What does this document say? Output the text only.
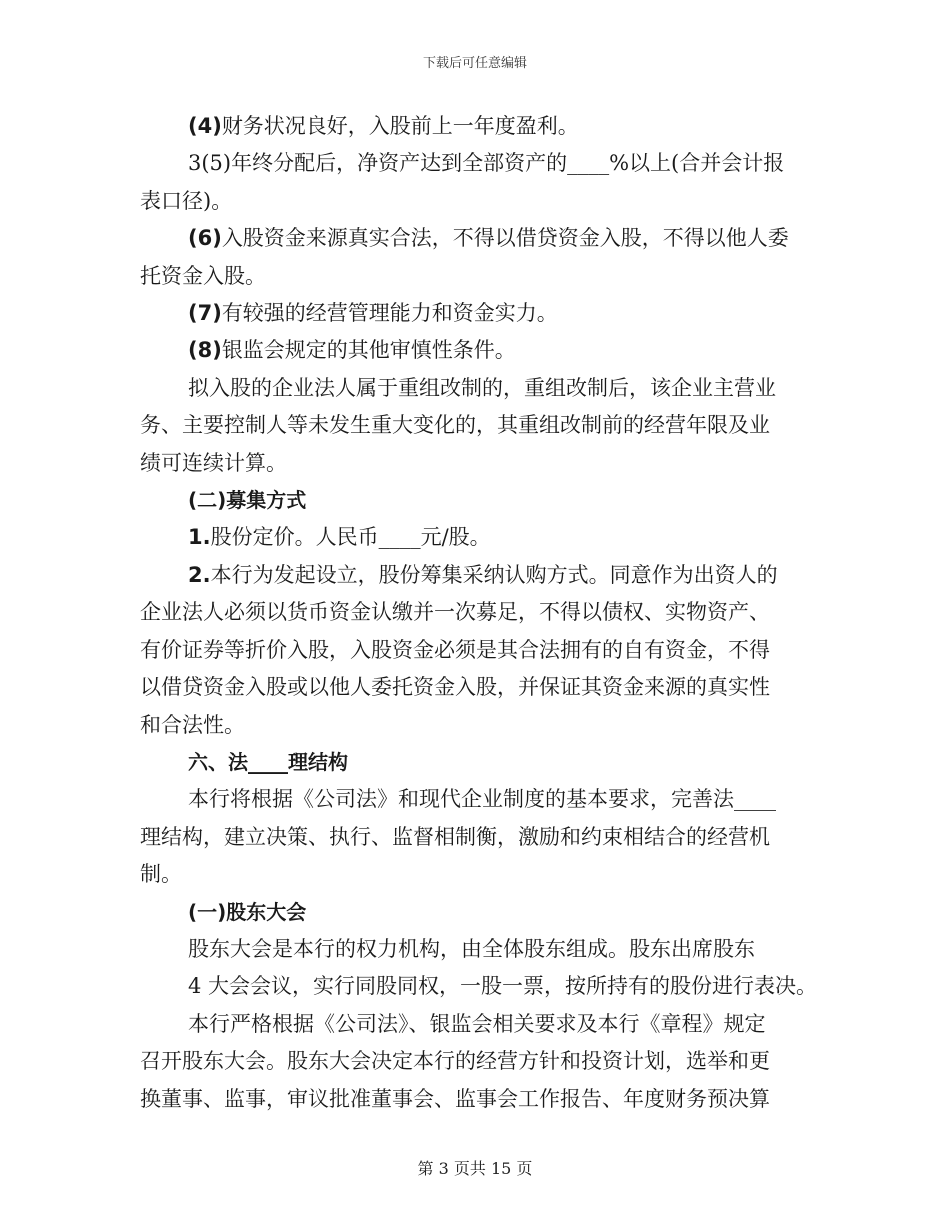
下载后可任意编辑
(4)财务状况良好，入股前上一年度盈利。
3(5)年终分配后，净资产达到全部资产的____%以上(合并会计报
表口径)。
(6)入股资金来源真实合法，不得以借贷资金入股，不得以他人委
托资金入股。
(7)有较强的经营管理能力和资金实力。
(8)银监会规定的其他审慎性条件。
拟入股的企业法人属于重组改制的，重组改制后，该企业主营业
务、主要控制人等未发生重大变化的，其重组改制前的经营年限及业
绩可连续计算。
(二)募集方式
1.股份定价。人民币____元/股。
2.本行为发起设立，股份筹集采纳认购方式。同意作为出资人的
企业法人必须以货币资金认缴并一次募足，不得以债权、实物资产、
有价证券等折价入股，入股资金必须是其合法拥有的自有资金，不得
以借贷资金入股或以他人委托资金入股，并保证其资金来源的真实性
和合法性。
六、法____理结构
本行将根据《公司法》和现代企业制度的基本要求，完善法____
理结构，建立决策、执行、监督相制衡，激励和约束相结合的经营机
制。
(一)股东大会
股东大会是本行的权力机构，由全体股东组成。股东出席股东
4 大会会议，实行同股同权，一股一票，按所持有的股份进行表决。
本行严格根据《公司法》、银监会相关要求及本行《章程》规定
召开股东大会。股东大会决定本行的经营方针和投资计划，选举和更
换董事、监事，审议批准董事会、监事会工作报告、年度财务预决算
第 3 页共 15 页
